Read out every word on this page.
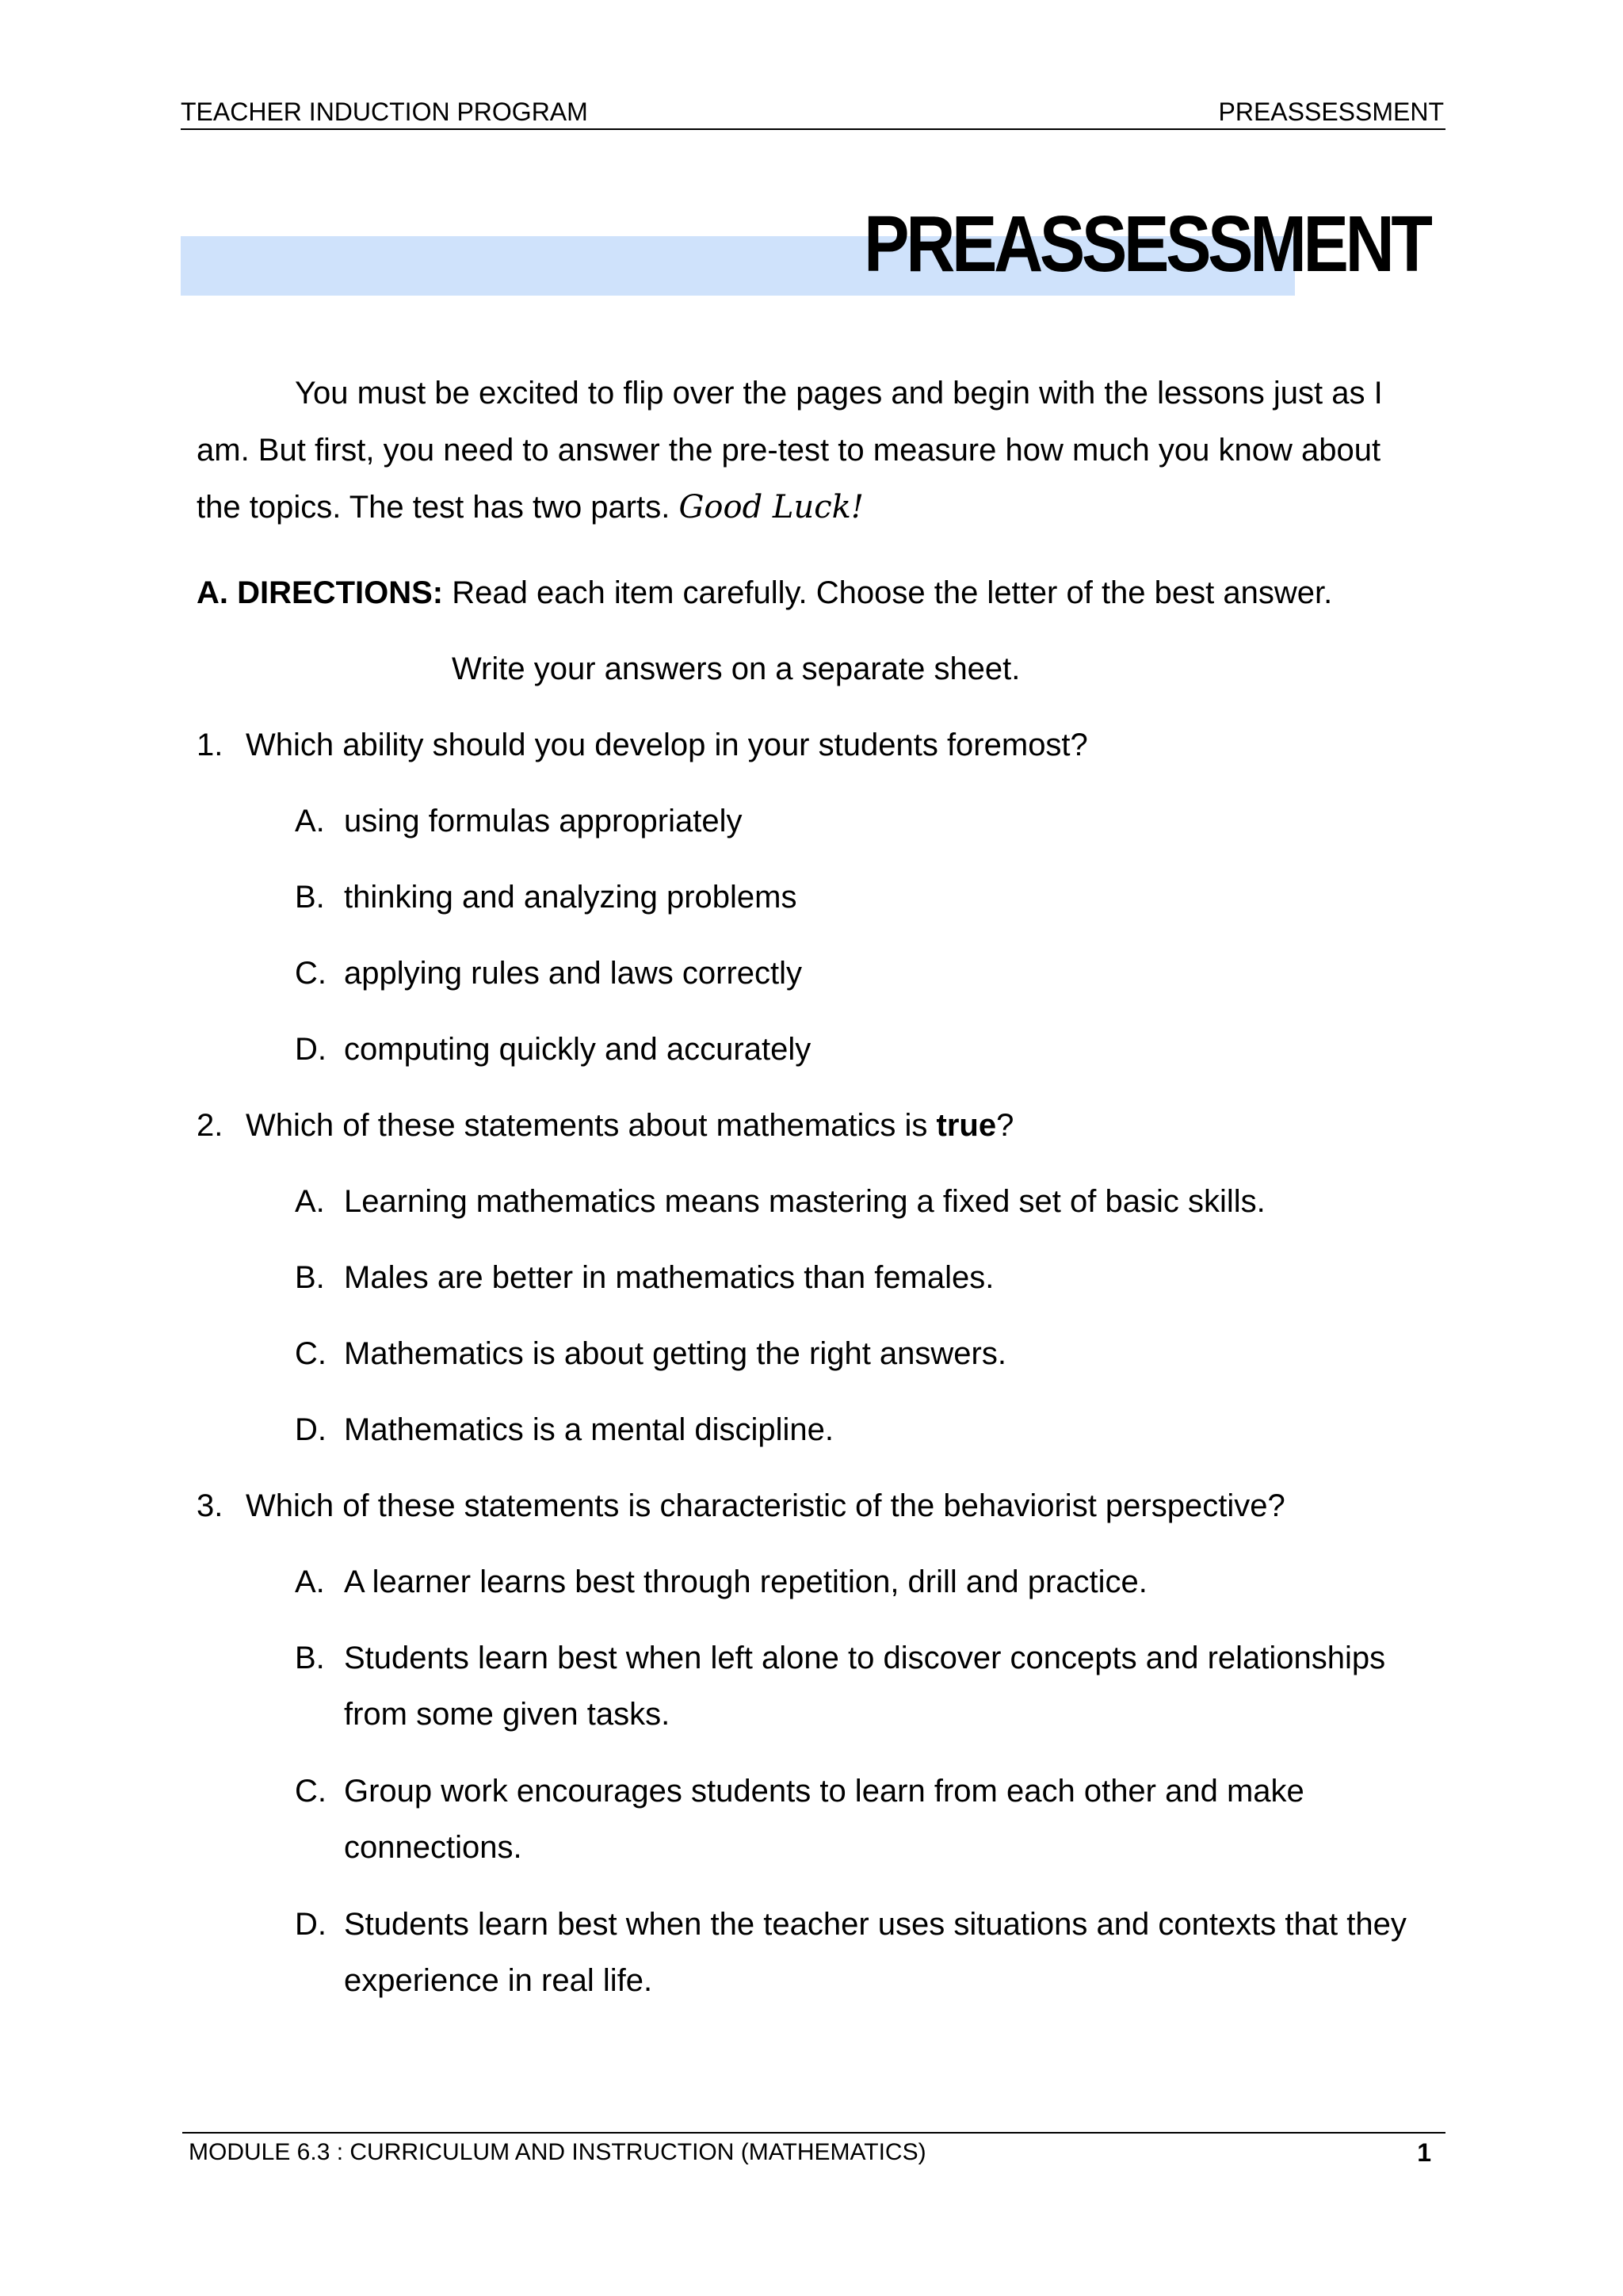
TEACHER INDUCTION PROGRAM	PREASSESSMENT
PREASSESSMENT
You must be excited to flip over the pages and begin with the lessons just as I
am. But first, you need to answer the pre-test to measure how much you know about
the topics. The test has two parts. Good Luck!
A. DIRECTIONS: Read each item carefully. Choose the letter of the best answer.
Write your answers on a separate sheet.
1. Which ability should you develop in your students foremost?
A. using formulas appropriately
B. thinking and analyzing problems
C. applying rules and laws correctly
D. computing quickly and accurately
2. Which of these statements about mathematics is true?
A. Learning mathematics means mastering a fixed set of basic skills.
B. Males are better in mathematics than females.
C. Mathematics is about getting the right answers.
D. Mathematics is a mental discipline.
3. Which of these statements is characteristic of the behaviorist perspective?
A. A learner learns best through repetition, drill and practice.
B. Students learn best when left alone to discover concepts and relationships from some given tasks.
C. Group work encourages students to learn from each other and make connections.
D. Students learn best when the teacher uses situations and contexts that they experience in real life.
MODULE 6.3 : CURRICULUM AND INSTRUCTION (MATHEMATICS)	1
